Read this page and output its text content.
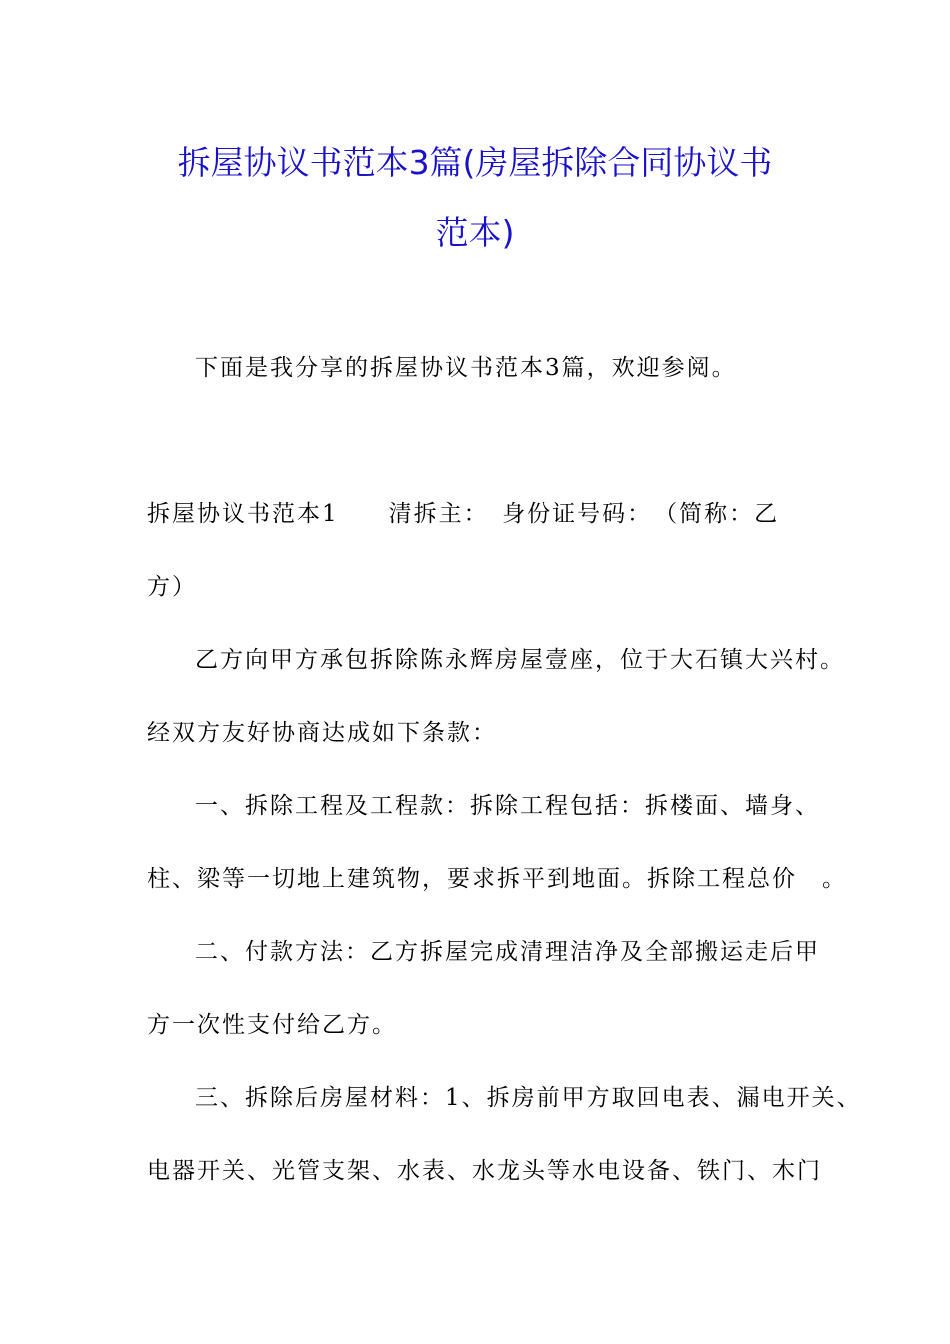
拆屋协议书范本3篇(房屋拆除合同协议书
范本)
下面是我分享的拆屋协议书范本3篇，欢迎参阅。
拆屋协议书范本1　　清拆主：　身份证号码：　（简称：乙
方）
乙方向甲方承包拆除陈永辉房屋壹座，位于大石镇大兴村。
经双方友好协商达成如下条款：
一、拆除工程及工程款：拆除工程包括：拆楼面、墙身、
柱、梁等一切地上建筑物，要求拆平到地面。拆除工程总价　。
二、付款方法：乙方拆屋完成清理洁净及全部搬运走后甲
方一次性支付给乙方。
三、拆除后房屋材料：1、拆房前甲方取回电表、漏电开关、
电器开关、光管支架、水表、水龙头等水电设备、铁门、木门
